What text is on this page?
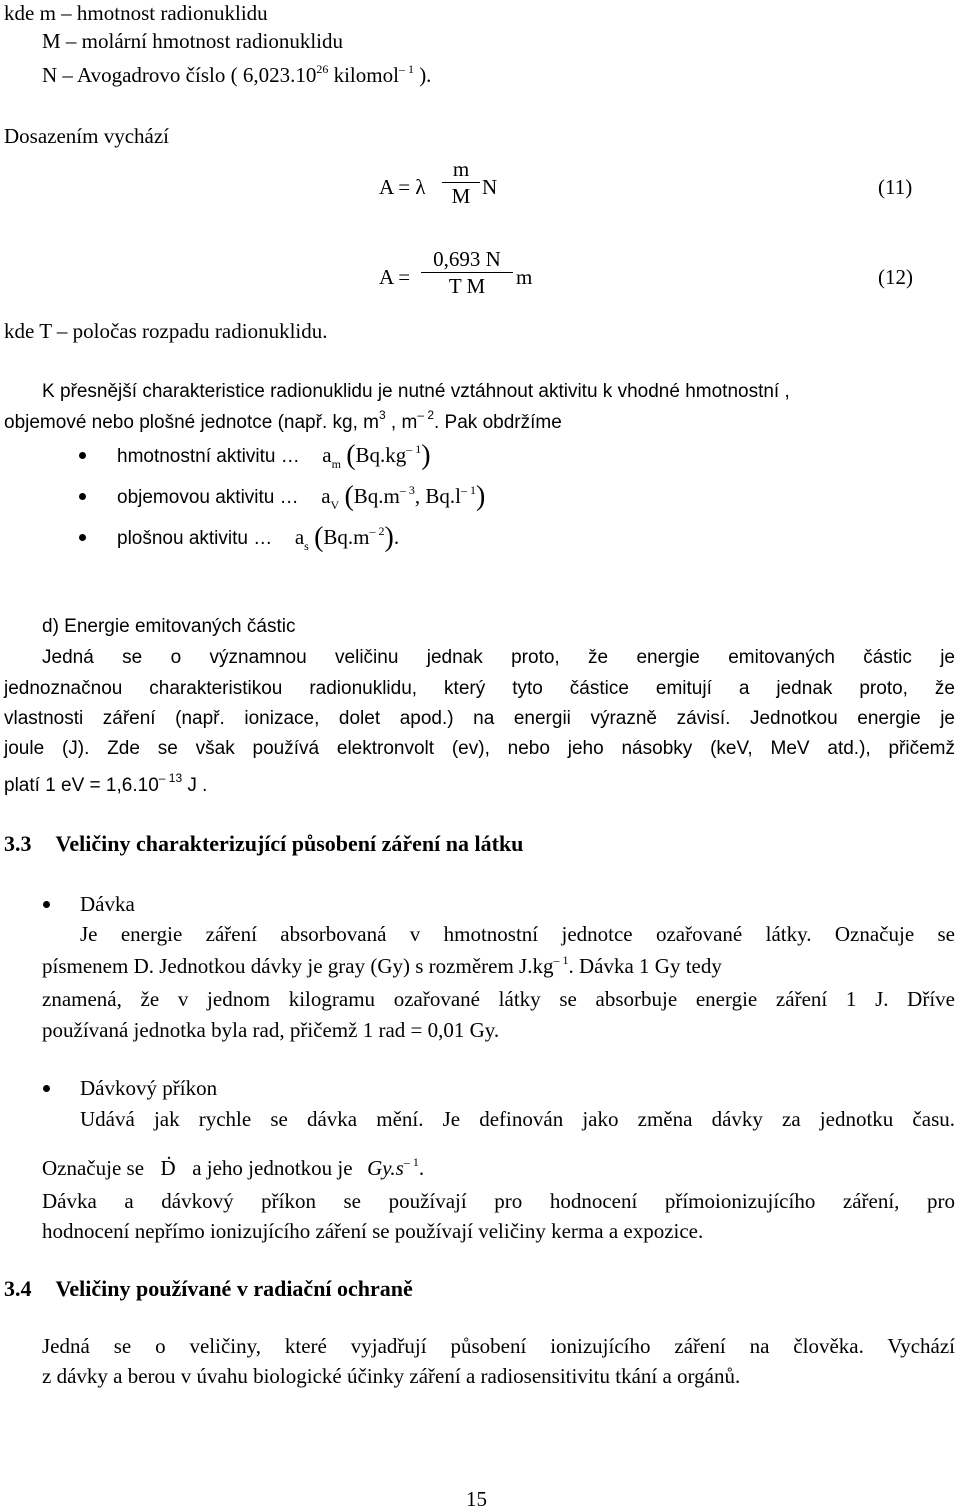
kde m – hmotnost radionuklidu
M – molární hmotnost radionuklidu
N – Avogadrovo číslo ( 6,023.10$^{26}$ kilomol$^{- 1}$ ).
Dosazením vychází
A = λ $\frac{m}{M}$ N	(11)
$A = \frac{0,693 N}{\text{T M}}$ m	(12)
kde T – poločas rozpadu radionuklidu.
K přesnější charakteristice radionuklidu je nutné vztáhnout aktivitu k vhodné hmotnostní ,
objemové nebo plošné jednotce (např. kg, $m^3$ , $m^{- 2}$. Pak obdržíme
hmotnostní aktivitu … $a_m$ $(Bq.kg^{- 1})$
objemovou aktivitu … $a_V$ ($Bq.m^{- 3}$, $Bq.l^{- 1}$)
plošnou aktivitu … $a_s$ $(Bq.m^{- 2})$.
d) Energie emitovaných částic
Jedná se o významnou veličinu jednak proto, že energie emitovaných částic je
jednoznačnou charakteristikou radionuklidu, který tyto částice emitují a jednak proto, že
vlastnosti záření (např. ionizace, dolet apod.) na energii výrazně závisí. Jednotkou energie je
joule (J). Zde se však používá elektronvolt (ev), nebo jeho násobky (keV, MeV atd.), přičemž
platí 1 eV = $1,6.10^{- 13}$ J .
3.3 Veličiny charakterizující působení záření na látku
Dávka
Je energie záření absorbovaná v hmotnostní jednotce ozařované látky. Označuje se
písmenem D. Jednotkou dávky je gray (Gy) s rozměrem $J.kg^{- 1}$. Dávka 1 Gy tedy
znamená, že v jednom kilogramu ozařované látky se absorbuje energie záření 1 J. Dříve
používaná jednotka byla rad, přičemž 1 rad = 0,01 Gy.
Dávkový příkon
Udává jak rychle se dávka mění. Je definován jako změna dávky za jednotku času.
Označuje se  . D a jeho jednotkou je $Gy.s^{- 1}$.
Dávka a dávkový příkon se používají pro hodnocení přímoionizujícího záření, pro
hodnocení nepřímo ionizujícího záření se používají veličiny kerma a expozice.
3.4 Veličiny používané v radiační ochraně
Jedná se o veličiny, které vyjadřují působení ionizujícího záření na člověka. Vychází
z dávky a berou v úvahu biologické účinky záření a radiosensitivitu tkání a orgánů.
15
